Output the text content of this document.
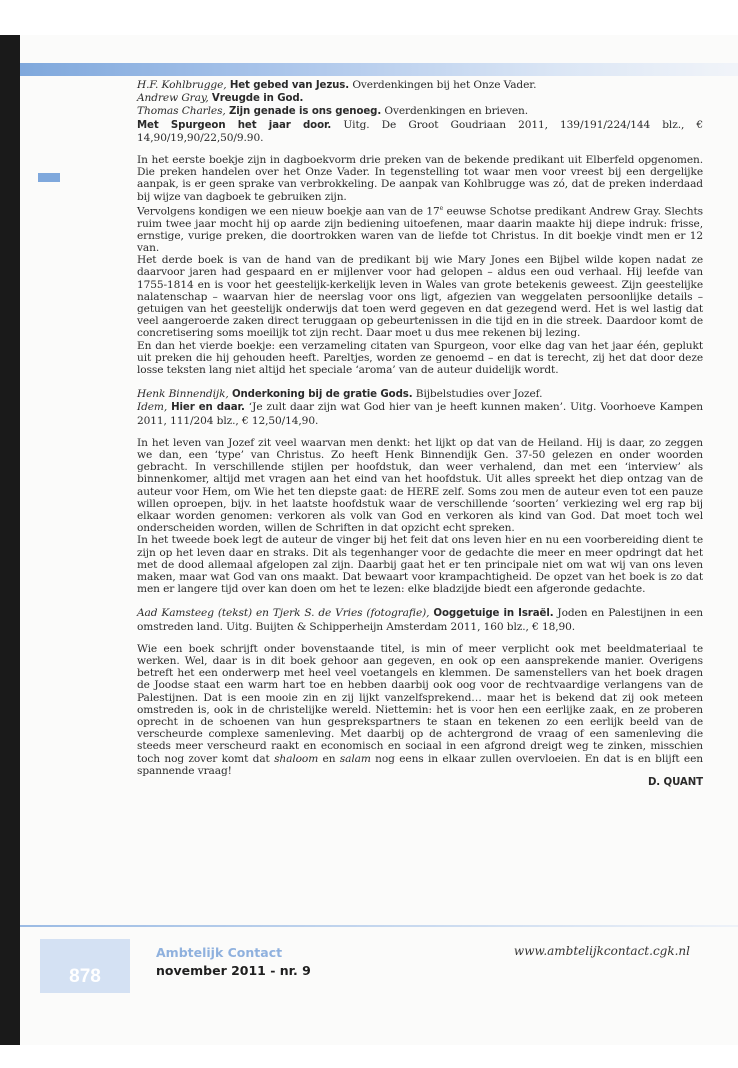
H.F. Kohlbrugge, Het gebed van Jezus. Overdenkingen bij het Onze Vader.
Andrew Gray, Vreugde in God.
Thomas Charles, Zijn genade is ons genoeg. Overdenkingen en brieven.
Met Spurgeon het jaar door. Uitg. De Groot Goudriaan 2011, 139/191/224/144 blz., € 14,90/19,90/22,50/9.90.

In het eerste boekje zijn in dagboekvorm drie preken van de bekende predikant uit Elberfeld opgenomen. Die preken handelen over het Onze Vader. In tegenstelling tot waar men voor vreest bij een dergelijke aanpak, is er geen sprake van verbrokkeling. De aanpak van Kohlbrugge was zó, dat de preken inderdaad bij wijze van dagboek te gebruiken zijn.

Vervolgens kondigen we een nieuw boekje aan van de 17e eeuwse Schotse predikant Andrew Gray. Slechts ruim twee jaar mocht hij op aarde zijn bediening uitoefenen, maar daarin maakte hij diepe indruk: frisse, ernstige, vurige preken, die doortrokken waren van de liefde tot Christus. In dit boekje vindt men er 12 van.

Het derde boek is van de hand van de predikant bij wie Mary Jones een Bijbel wilde kopen nadat ze daarvoor jaren had gespaard en er mijlenver voor had gelopen – aldus een oud verhaal. Hij leefde van 1755-1814 en is voor het geestelijk-kerkelijk leven in Wales van grote betekenis geweest. Zijn geestelijke nalatenschap – waarvan hier de neerslag voor ons ligt, afgezien van weggelaten persoonlijke details – getuigen van het geestelijk onderwijs dat toen werd gegeven en dat gezegend werd. Het is wel lastig dat veel aangeroerde zaken direct teruggaan op gebeurtenissen in die tijd en in die streek. Daardoor komt de concretisering soms moeilijk tot zijn recht. Daar moet u dus mee rekenen bij lezing.

En dan het vierde boekje: een verzameling citaten van Spurgeon, voor elke dag van het jaar één, geplukt uit preken die hij gehouden heeft. Pareltjes, worden ze genoemd – en dat is terecht, zij het dat door deze losse teksten lang niet altijd het speciale ‘aroma’ van de auteur duidelijk wordt.

Henk Binnendijk, Onderkoning bij de gratie Gods. Bijbelstudies over Jozef.
Idem, Hier en daar. ‘Je zult daar zijn wat God hier van je heeft kunnen maken’. Uitg. Voorhoeve Kampen 2011, 111/204 blz., € 12,50/14,90.

In het leven van Jozef zit veel waarvan men denkt: het lijkt op dat van de Heiland. Hij is daar, zo zeggen we dan, een ‘type’ van Christus. Zo heeft Henk Binnendijk Gen. 37-50 gelezen en onder woorden gebracht. In verschillende stijlen per hoofdstuk, dan weer verhalend, dan met een ‘interview’ als binnenkomer, altijd met vragen aan het eind van het hoofdstuk. Uit alles spreekt het diep ontzag van de auteur voor Hem, om Wie het ten diepste gaat: de HERE zelf. Soms zou men de auteur even tot een pauze willen oproepen, bijv. in het laatste hoofdstuk waar de verschillende ‘soorten’ verkiezing wel erg rap bij elkaar worden genomen: verkoren als volk van God en verkoren als kind van God. Dat moet toch wel onderscheiden worden, willen de Schriften in dat opzicht echt spreken.

In het tweede boek legt de auteur de vinger bij het feit dat ons leven hier en nu een voorbereiding dient te zijn op het leven daar en straks. Dit als tegenhanger voor de gedachte die meer en meer opdringt dat het met de dood allemaal afgelopen zal zijn. Daarbij gaat het er ten principale niet om wat wij van ons leven maken, maar wat God van ons maakt. Dat bewaart voor krampachtigheid. De opzet van het boek is zo dat men er langere tijd over kan doen om het te lezen: elke bladzijde biedt een afgeronde gedachte.

Aad Kamsteeg (tekst) en Tjerk S. de Vries (fotografie), Ooggetuige in Israël. Joden en Palestijnen in een omstreden land. Uitg. Buijten & Schipperheijn Amsterdam 2011, 160 blz., € 18,90.

Wie een boek schrijft onder bovenstaande titel, is min of meer verplicht ook met beeldmateriaal te werken. Wel, daar is in dit boek gehoor aan gegeven, en ook op een aansprekende manier. Overigens betreft het een onderwerp met heel veel voetangels en klemmen. De samenstellers van het boek dragen de Joodse staat een warm hart toe en hebben daarbij ook oog voor de rechtvaardige verlangens van de Palestijnen. Dat is een mooie zin en zij lijkt vanzelfsprekend… maar het is bekend dat zij ook meteen omstreden is, ook in de christelijke wereld. Niettemin: het is voor hen een eerlijke zaak, en ze proberen oprecht in de schoenen van hun gesprekspartners te staan en tekenen zo een eerlijk beeld van de verscheurde complexe samenleving. Met daarbij op de achtergrond de vraag of een samenleving die steeds meer verscheurd raakt en economisch en sociaal in een afgrond dreigt weg te zinken, misschien toch nog zover komt dat shaloom en salam nog eens in elkaar zullen overvloeien. En dat is en blijft een spannende vraag!

D. QUANT

878
Ambtelijk Contact
november 2011 - nr. 9
www.ambtelijkcontact.cgk.nl
